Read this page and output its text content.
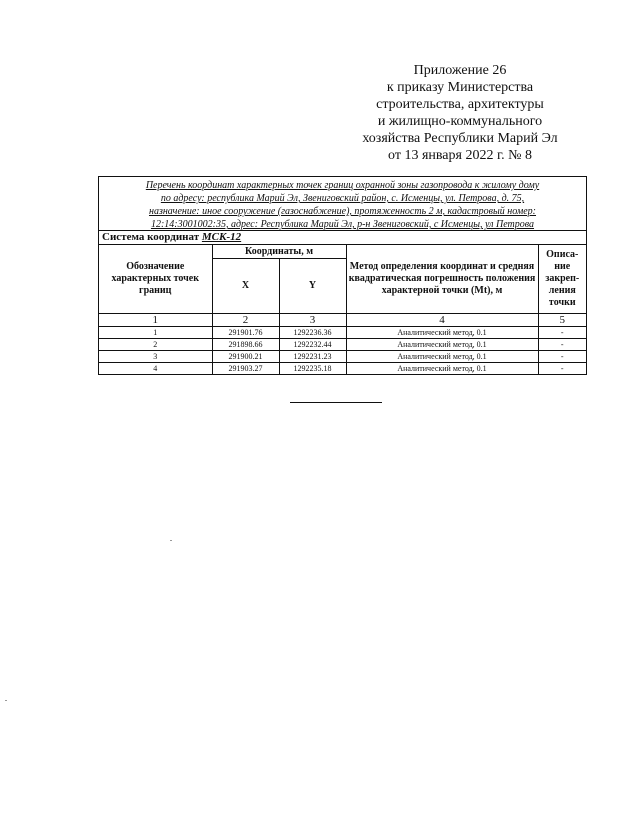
Приложение 26
к приказу Министерства
строительства, архитектуры
и жилищно-коммунального
хозяйства Республики Марий Эл
от 13 января 2022 г. № 8
Перечень координат характерных точек границ охранной зоны газопровода к жилому дому
по адресу: республика Марий Эл, Звениговский район, с. Исменцы, ул. Петрова, д. 75,
назначение: иное сооружение (газоснабжение), протяженность 2 м, кадастровый номер:
12:14:3001002:35, адрес: Республика Марий Эл, р-н Звениговский, с Исменцы, ул Петрова
Система координат МСК-12
Обозначение характерных точек границ	Координаты, м		Метод определения координат и средняя квадратическая погрешность положения характерной точки (Mt), м	Описа-ние закреп-ления точки
	X	Y		
1	2	3	4	5
1	291901.76	1292236.36	Аналитический метод, 0.1	-
2	291898.66	1292232.44	Аналитический метод, 0.1	-
3	291900.21	1292231.23	Аналитический метод, 0.1	-
4	291903.27	1292235.18	Аналитический метод, 0.1	-
